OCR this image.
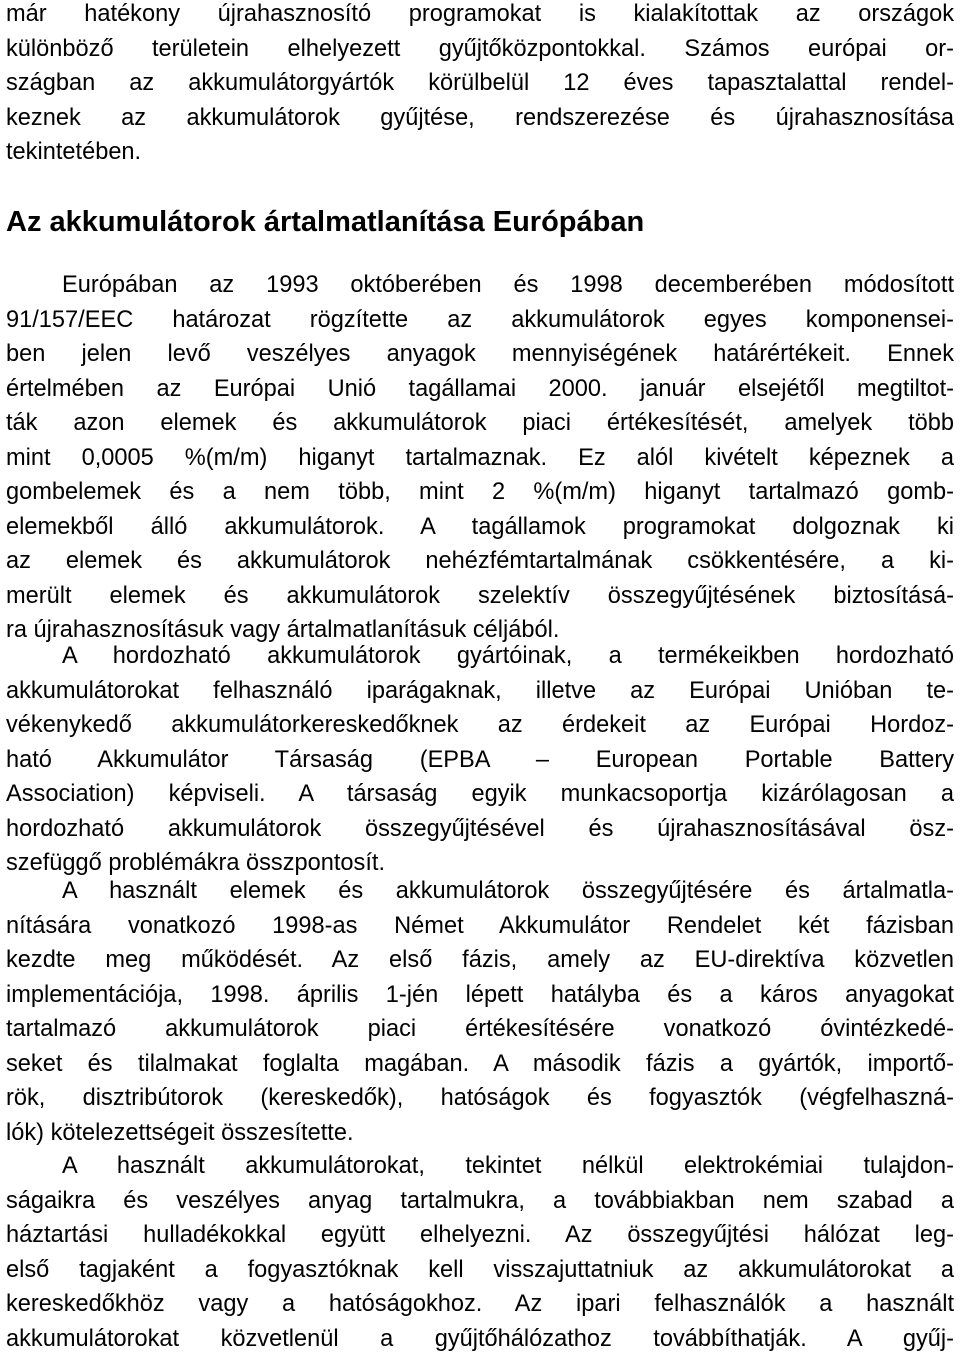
már hatékony újrahasznosító programokat is kialakítottak az országok
különböző területein elhelyezett gyűjtőközpontokkal. Számos európai or-
szágban az akkumulátorgyártók körülbelül 12 éves tapasztalattal rendel-
keznek az akkumulátorok gyűjtése, rendszerezése és újrahasznosítása
tekintetében.
Az akkumulátorok ártalmatlanítása Európában
Európában az 1993 októberében és 1998 decemberében módosított
91/157/EEC határozat rögzítette az akkumulátorok egyes komponensei-
ben jelen levő veszélyes anyagok mennyiségének határértékeit. Ennek
értelmében az Európai Unió tagállamai 2000. január elsejétől megtiltot-
ták azon elemek és akkumulátorok piaci értékesítését, amelyek több
mint 0,0005 %(m/m) higanyt tartalmaznak. Ez alól kivételt képeznek a
gombelemek és a nem több, mint 2 %(m/m) higanyt tartalmazó gomb-
elemekből álló akkumulátorok. A tagállamok programokat dolgoznak ki
az elemek és akkumulátorok nehézfémtartalmának csökkentésére, a ki-
merült elemek és akkumulátorok szelektív összegyűjtésének biztosításá-
ra újrahasznosításuk vagy ártalmatlanításuk céljából.
A hordozható akkumulátorok gyártóinak, a termékeikben hordozható
akkumulátorokat felhasználó iparágaknak, illetve az Európai Unióban te-
vékenykedő akkumulátorkereskedőknek az érdekeit az Európai Hordoz-
ható Akkumulátor Társaság (EPBA – European Portable Battery
Association) képviseli. A társaság egyik munkacsoportja kizárólagosan a
hordozható akkumulátorok összegyűjtésével és újrahasznosításával ösz-
szefüggő problémákra összpontosít.
A használt elemek és akkumulátorok összegyűjtésére és ártalmatla-
nítására vonatkozó 1998-as Német Akkumulátor Rendelet két fázisban
kezdte meg működését. Az első fázis, amely az EU-direktíva közvetlen
implementációja, 1998. április 1-jén lépett hatályba és a káros anyagokat
tartalmazó akkumulátorok piaci értékesítésére vonatkozó óvintézkedé-
seket és tilalmakat foglalta magában. A második fázis a gyártók, importő-
rök, disztribútorok (kereskedők), hatóságok és fogyasztók (végfelhaszná-
lók) kötelezettségeit összesítette.
A használt akkumulátorokat, tekintet nélkül elektrokémiai tulajdon-
ságaikra és veszélyes anyag tartalmukra, a továbbiakban nem szabad a
háztartási hulladékokkal együtt elhelyezni. Az összegyűjtési hálózat leg-
első tagjaként a fogyasztóknak kell visszajuttatniuk az akkumulátorokat a
kereskedőkhöz vagy a hatóságokhoz. Az ipari felhasználók a használt
akkumulátorokat közvetlenül a gyűjtőhálózathoz továbbíthatják. A gyűj-
